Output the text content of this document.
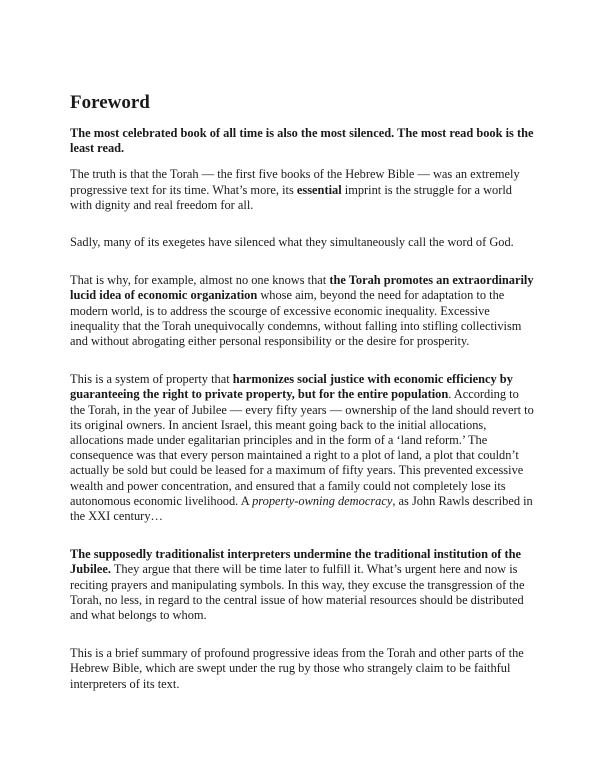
Foreword

The most celebrated book of all time is also the most silenced. The most read book is the least read.

The truth is that the Torah — the first five books of the Hebrew Bible — was an extremely progressive text for its time. What’s more, its essential imprint is the struggle for a world with dignity and real freedom for all.

Sadly, many of its exegetes have silenced what they simultaneously call the word of God.

That is why, for example, almost no one knows that the Torah promotes an extraordinarily lucid idea of economic organization whose aim, beyond the need for adaptation to the modern world, is to address the scourge of excessive economic inequality. Excessive inequality that the Torah unequivocally condemns, without falling into stifling collectivism and without abrogating either personal responsibility or the desire for prosperity.

This is a system of property that harmonizes social justice with economic efficiency by guaranteeing the right to private property, but for the entire population. According to the Torah, in the year of Jubilee — every fifty years — ownership of the land should revert to its original owners. In ancient Israel, this meant going back to the initial allocations, allocations made under egalitarian principles and in the form of a ‘land reform.’ The consequence was that every person maintained a right to a plot of land, a plot that couldn’t actually be sold but could be leased for a maximum of fifty years. This prevented excessive wealth and power concentration, and ensured that a family could not completely lose its autonomous economic livelihood. A property-owning democracy, as John Rawls described in the XXI century…

The supposedly traditionalist interpreters undermine the traditional institution of the Jubilee. They argue that there will be time later to fulfill it. What’s urgent here and now is reciting prayers and manipulating symbols. In this way, they excuse the transgression of the Torah, no less, in regard to the central issue of how material resources should be distributed and what belongs to whom.

This is a brief summary of profound progressive ideas from the Torah and other parts of the Hebrew Bible, which are swept under the rug by those who strangely claim to be faithful interpreters of its text.
